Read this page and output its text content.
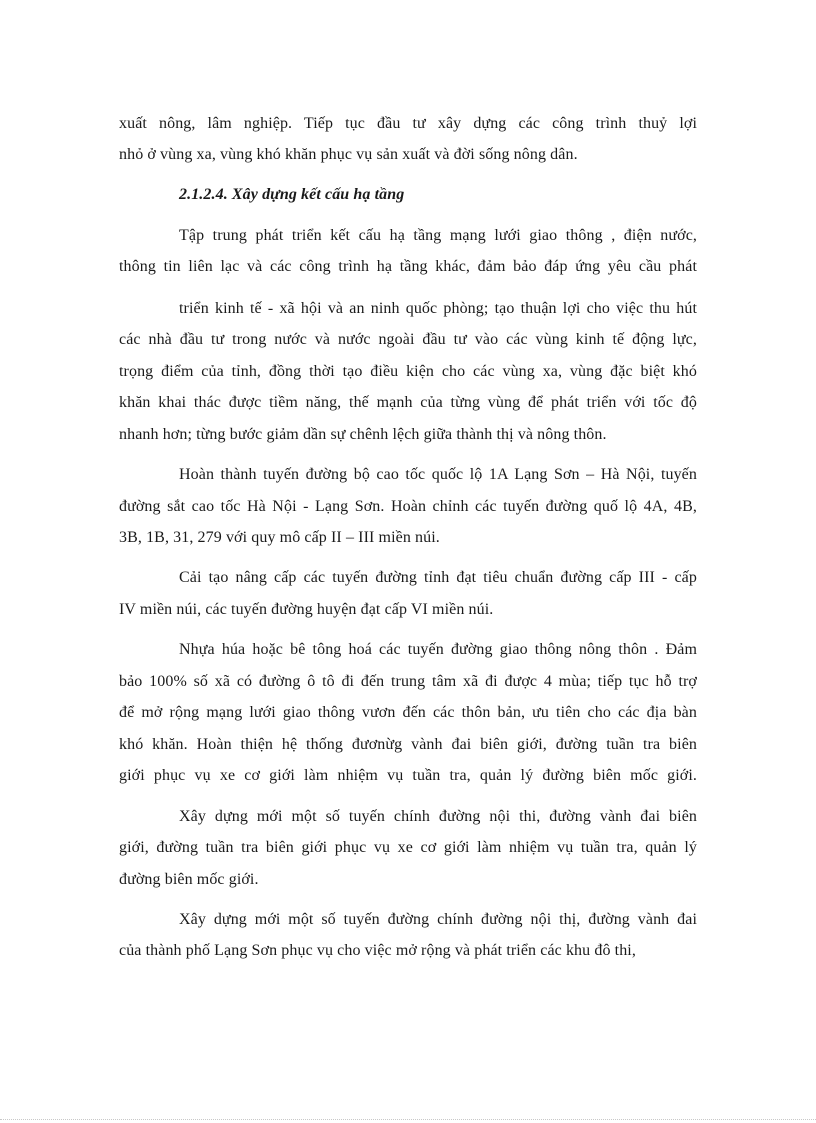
xuất nông, lâm nghiệp. Tiếp tục đầu tư xây dựng các công trình thuỷ lợi
nhỏ ở vùng xa, vùng khó khăn phục vụ sản xuất và đời sống nông dân.
2.1.2.4. Xây dựng kết cấu hạ tầng
Tập trung phát triển kết cấu hạ tầng mạng lưới giao thông , điện nước,
thông tin liên lạc và các công trình hạ tầng khác, đảm bảo đáp ứng yêu cầu phát
triển kinh tế - xã hội và an ninh quốc phòng; tạo thuận lợi cho việc thu hút
các nhà đầu tư trong nước và nước ngoài đầu tư vào các vùng kinh tế động lực,
trọng điểm của tỉnh, đồng thời tạo điều kiện cho các vùng xa, vùng đặc biệt khó
khăn khai thác được tiềm năng, thế mạnh của từng vùng để phát triển với tốc độ
nhanh hơn; từng bước giảm dần sự chênh lệch giữa thành thị và nông thôn.
Hoàn thành tuyến đường bộ cao tốc quốc lộ 1A Lạng Sơn – Hà Nội, tuyến
đường sắt cao tốc Hà Nội - Lạng Sơn. Hoàn chỉnh các tuyến đường quố lộ 4A, 4B,
3B, 1B, 31, 279 với quy mô cấp II – III miền núi.
Cải tạo nâng cấp các tuyến đường tỉnh đạt tiêu chuẩn đường cấp III - cấp
IV miền núi, các tuyến đường huyện đạt cấp VI miền núi.
Nhựa húa hoặc bê tông hoá các tuyến đường giao thông nông thôn . Đảm
bảo 100% số xã có đường ô tô đi đến trung tâm xã đi được 4 mùa; tiếp tục hỗ trợ
để mở rộng mạng lưới giao thông vươn đến các thôn bản, ưu tiên cho các địa bàn
khó khăn. Hoàn thiện hệ thống đươnừg vành đai biên giới, đường tuần tra biên
giới phục vụ xe cơ giới làm nhiệm vụ tuần tra, quản lý đường biên mốc giới.
Xây dựng mới một số tuyến chính đường nội thi, đường vành đai biên
giới, đường tuần tra biên giới phục vụ xe cơ giới làm nhiệm vụ tuần tra, quản lý
đường biên mốc giới.
Xây dựng mới một số tuyến đường chính đường nội thị, đường vành đai
của thành phố Lạng Sơn phục vụ cho việc mở rộng và phát triển các khu đô thi,
